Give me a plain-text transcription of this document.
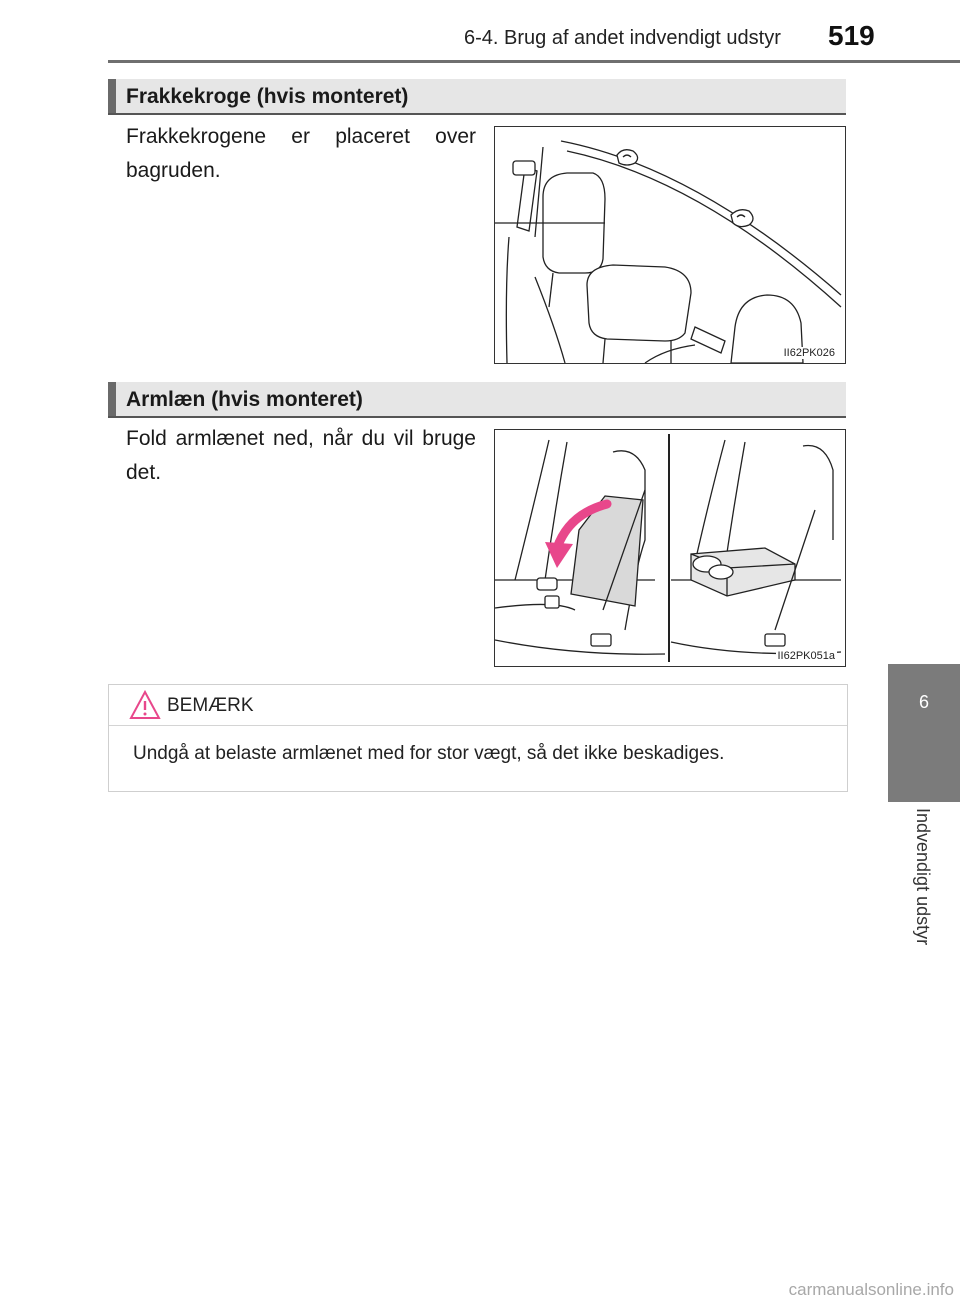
6-4. Brug af andet indvendigt udstyr 519
6
Indvendigt udstyr
Frakkekroge (hvis monteret)
Frakkekrogene er placeret over bagruden.
II62PK026
Armlæn (hvis monteret)
Fold armlænet ned, når du vil bruge det.
II62PK051a
BEMÆRK
Undgå at belaste armlænet med for stor vægt, så det ikke beskadiges.
carmanualsonline.info
